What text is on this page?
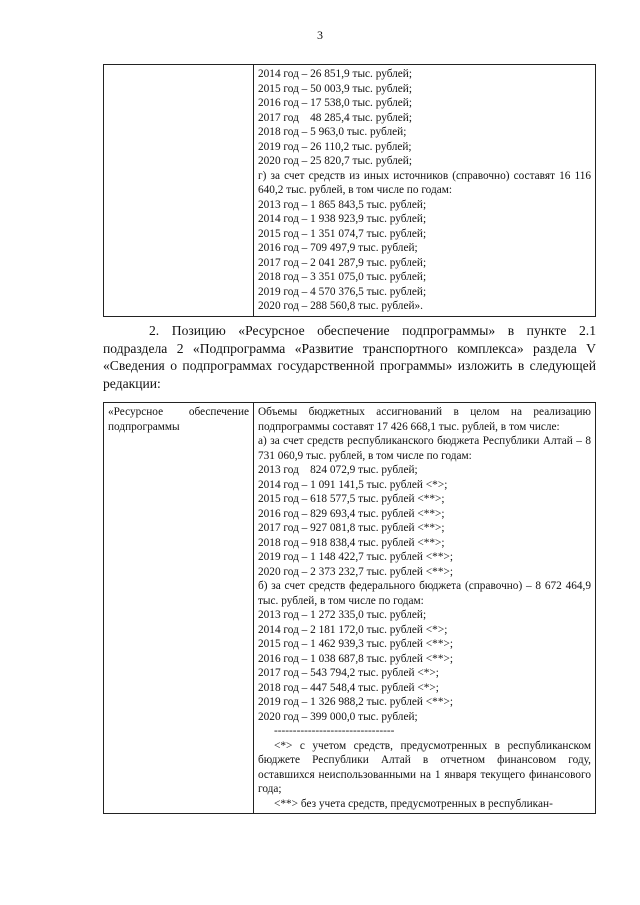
3

2014 год – 26 851,9 тыс. рублей;
2015 год – 50 003,9 тыс. рублей;
2016 год – 17 538,0 тыс. рублей;
2017 год    48 285,4 тыс. рублей;
2018 год – 5 963,0 тыс. рублей;
2019 год – 26 110,2 тыс. рублей;
2020 год – 25 820,7 тыс. рублей;
г) за счет средств из иных источников (справочно) составят 16 116 640,2 тыс. рублей, в том числе по годам:
2013 год – 1 865 843,5 тыс. рублей;
2014 год – 1 938 923,9 тыс. рублей;
2015 год – 1 351 074,7 тыс. рублей;
2016 год – 709 497,9 тыс. рублей;
2017 год – 2 041 287,9 тыс. рублей;
2018 год – 3 351 075,0 тыс. рублей;
2019 год – 4 570 376,5 тыс. рублей;
2020 год – 288 560,8 тыс. рублей».
2. Позицию «Ресурсное обеспечение подпрограммы» в пункте 2.1 подраздела 2 «Подпрограмма «Развитие транспортного комплекса» раздела V «Сведения о подпрограммах государственной программы» изложить в следующей редакции:
«Ресурсное обеспечение подпрограммы	
Объемы бюджетных ассигнований в целом на реализацию подпрограммы составят 17 426 668,1 тыс. рублей, в том числе:
а) за счет средств республиканского бюджета Республики Алтай – 8 731 060,9 тыс. рублей, в том числе по годам:
2013 год    824 072,9 тыс. рублей;
2014 год – 1 091 141,5 тыс. рублей <*>;
2015 год – 618 577,5 тыс. рублей <**>;
2016 год – 829 693,4 тыс. рублей <**>;
2017 год – 927 081,8 тыс. рублей <**>;
2018 год – 918 838,4 тыс. рублей <**>;
2019 год – 1 148 422,7 тыс. рублей <**>;
2020 год – 2 373 232,7 тыс. рублей <**>;
б) за счет средств федерального бюджета (справочно) – 8 672 464,9 тыс. рублей, в том числе по годам:
2013 год – 1 272 335,0 тыс. рублей;
2014 год – 2 181 172,0 тыс. рублей <*>;
2015 год – 1 462 939,3 тыс. рублей <**>;
2016 год – 1 038 687,8 тыс. рублей <**>;
2017 год – 543 794,2 тыс. рублей <*>;
2018 год – 447 548,4 тыс. рублей <*>;
2019 год – 1 326 988,2 тыс. рублей <**>;
2020 год – 399 000,0 тыс. рублей;
--------------------------------
<*> с учетом средств, предусмотренных в республиканском бюджете Республики Алтай в отчетном финансовом году, оставшихся неиспользованными на 1 января текущего финансового года;
<**> без учета средств, предусмотренных в республикан-
